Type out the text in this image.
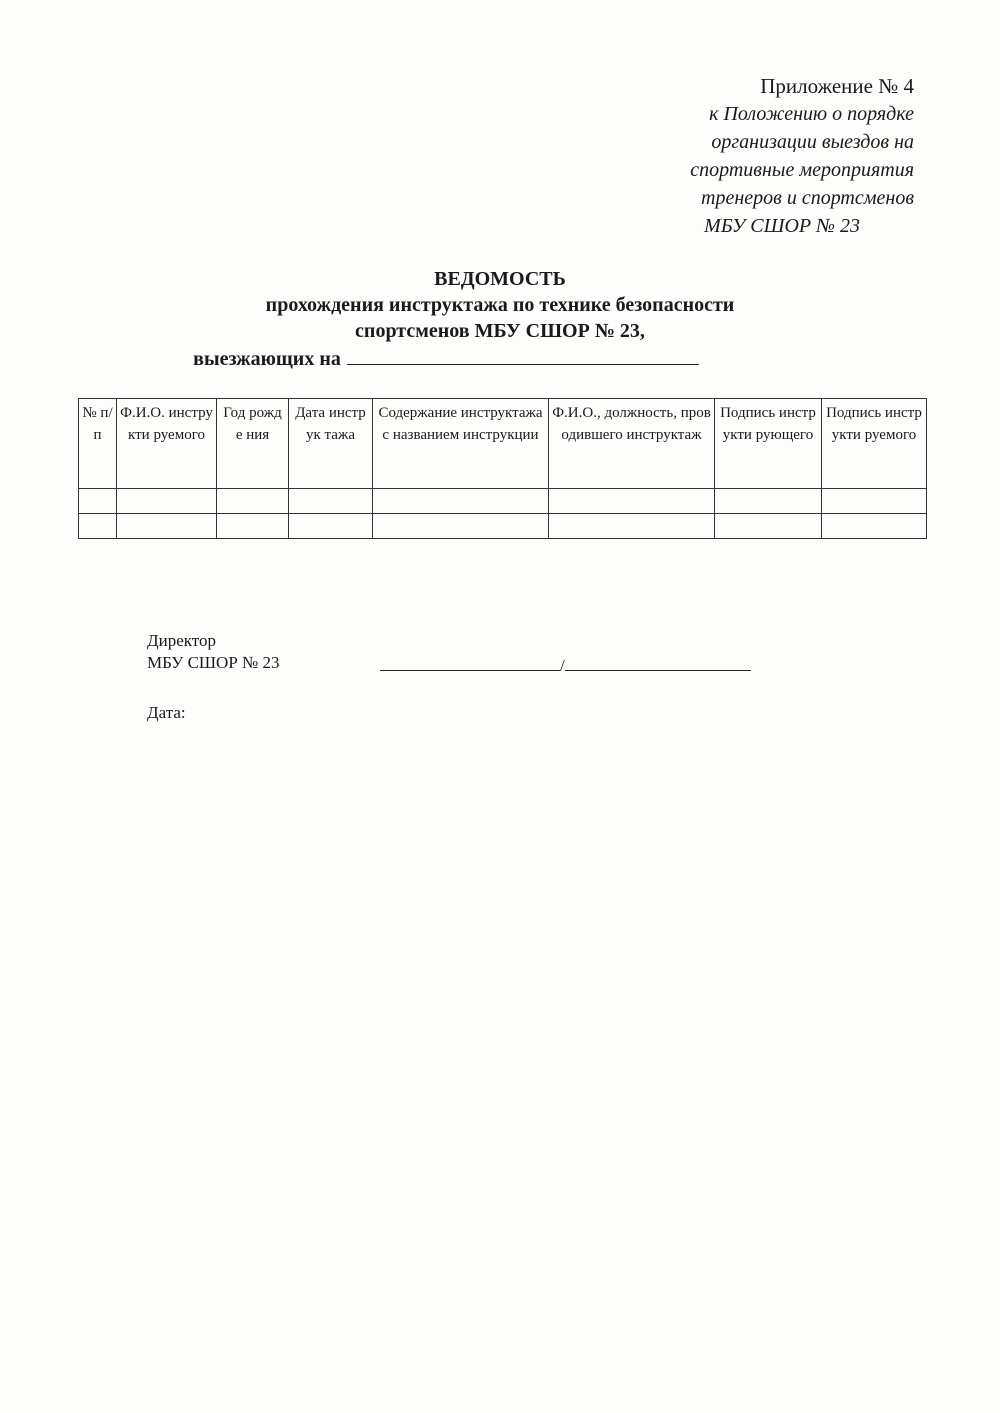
Приложение № 4
к Положению о порядке
организации выездов на
спортивные мероприятия
тренеров и спортсменов
МБУ СШОР № 23
ВЕДОМОСТЬ
прохождения инструктажа по технике безопасности
спортсменов МБУ СШОР № 23,
выезжающих на
№ п/ п	Ф.И.О. инструкти руемого	Год рожде ния	Дата инструк тажа	Содержание инструктажа с названием инструкции	Ф.И.О., должность, проводившего инструктаж	Подпись инструкти рующего	Подпись инструкти руемого

Директор
МБУ СШОР № 23	/
Дата:
